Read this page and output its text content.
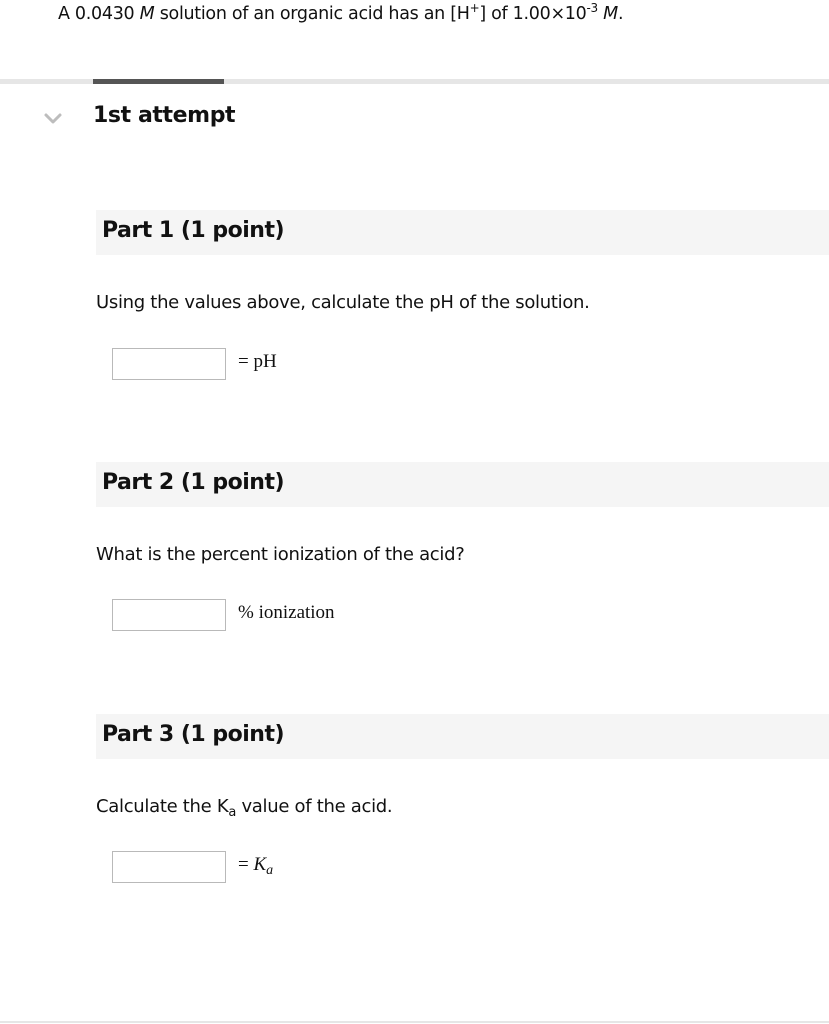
A 0.0430 M solution of an organic acid has an [H+] of $1.00\times 10^{-3}$ M.
1st attempt
Part 1 (1 point)
Using the values above, calculate the pH of the solution.
= pH
Part 2 (1 point)
What is the percent ionization of the acid?
% ionization
Part 3 (1 point)
Calculate the $K_a$ value of the acid.
= $K_a$
